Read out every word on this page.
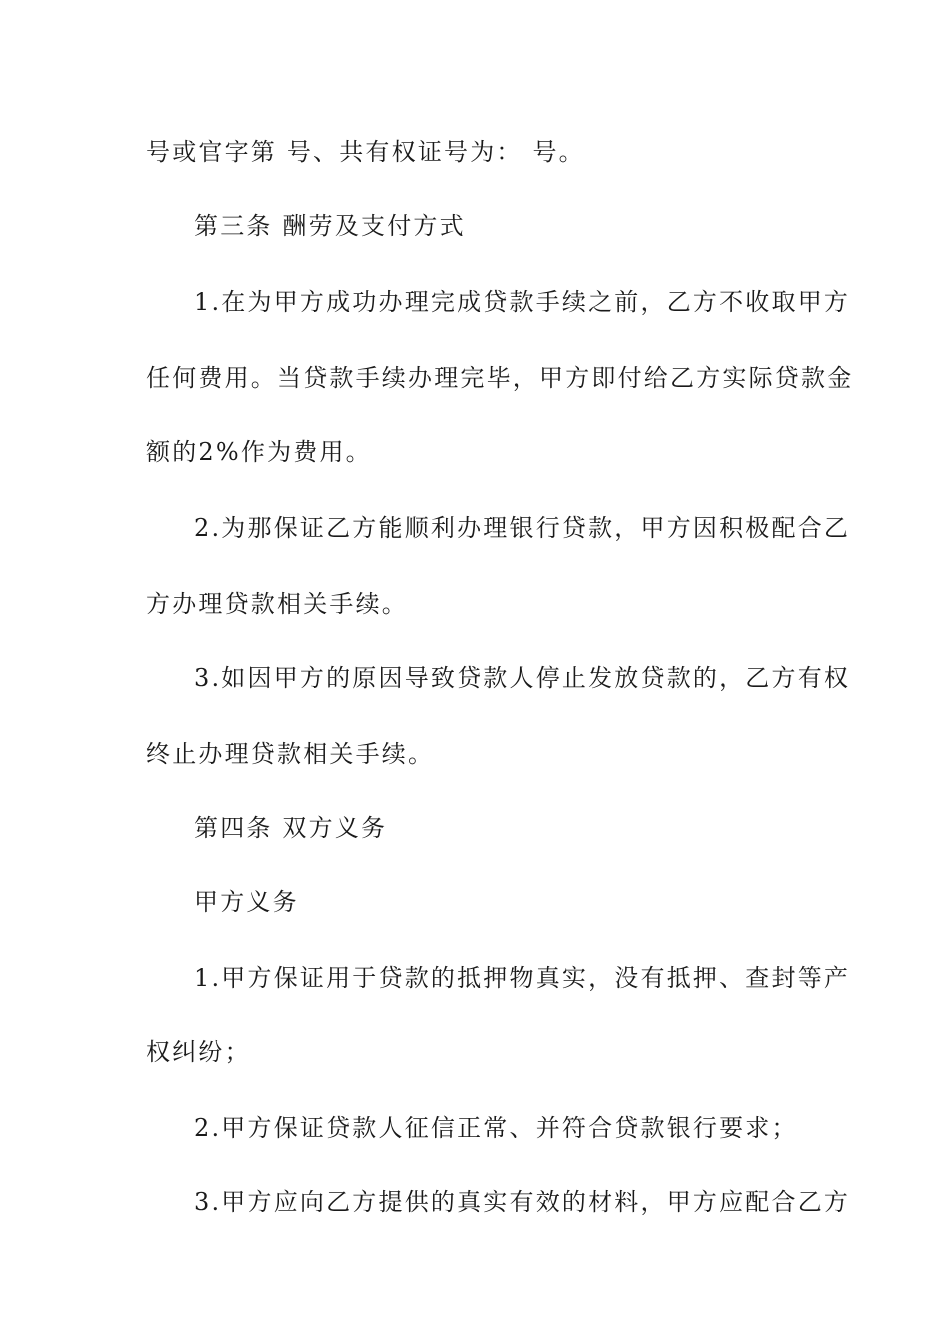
号或官字第 号、共有权证号为： 号。
第三条 酬劳及支付方式
1.在为甲方成功办理完成贷款手续之前，乙方不收取甲方
任何费用。当贷款手续办理完毕，甲方即付给乙方实际贷款金
额的2%作为费用。
2.为那保证乙方能顺利办理银行贷款，甲方因积极配合乙
方办理贷款相关手续。
3.如因甲方的原因导致贷款人停止发放贷款的，乙方有权
终止办理贷款相关手续。
第四条 双方义务
甲方义务
1.甲方保证用于贷款的抵押物真实，没有抵押、查封等产
权纠纷；
2.甲方保证贷款人征信正常、并符合贷款银行要求；
3.甲方应向乙方提供的真实有效的材料，甲方应配合乙方
